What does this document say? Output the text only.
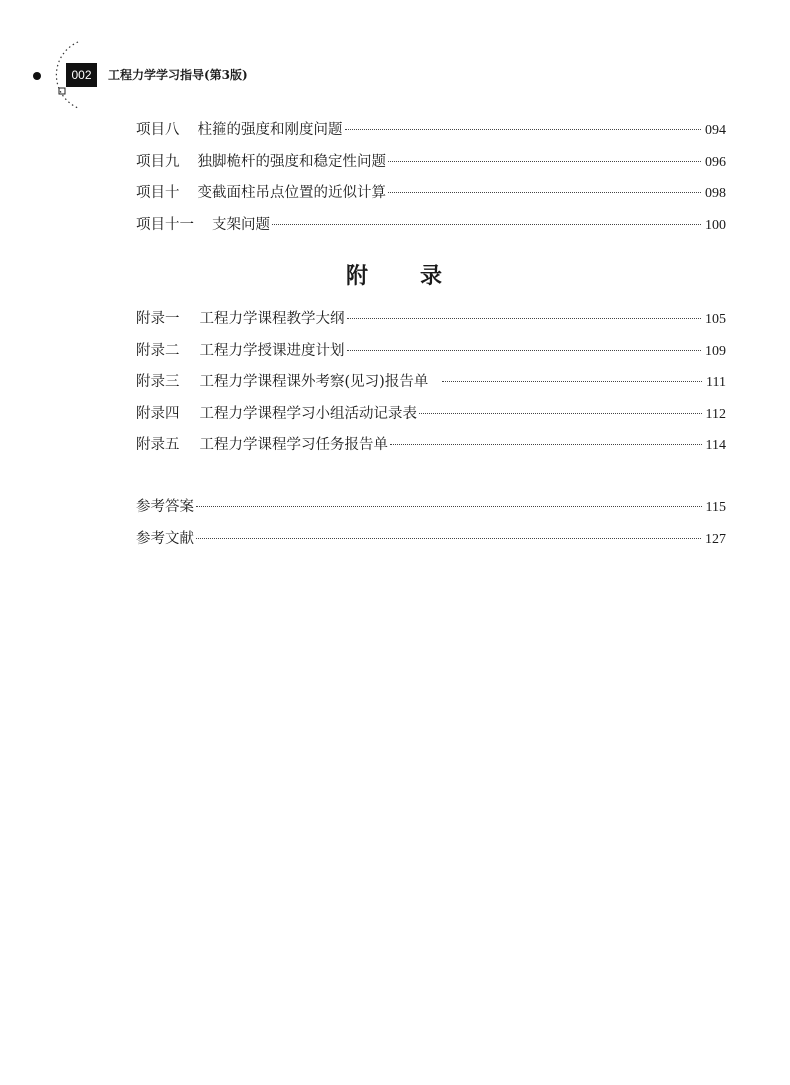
002	工程力学学习指导(第3版)
项目八 柱箍的强度和刚度问题	094
项目九 独脚桅杆的强度和稳定性问题	096
项目十 变截面柱吊点位置的近似计算	098
项目十一 支架问题	100
附 录
附录一 工程力学课程教学大纲	105
附录二 工程力学授课进度计划	109
附录三 工程力学课程课外考察(见习)报告单	111
附录四 工程力学课程学习小组活动记录表	112
附录五 工程力学课程学习任务报告单	114
参考答案	115
参考文献	127
